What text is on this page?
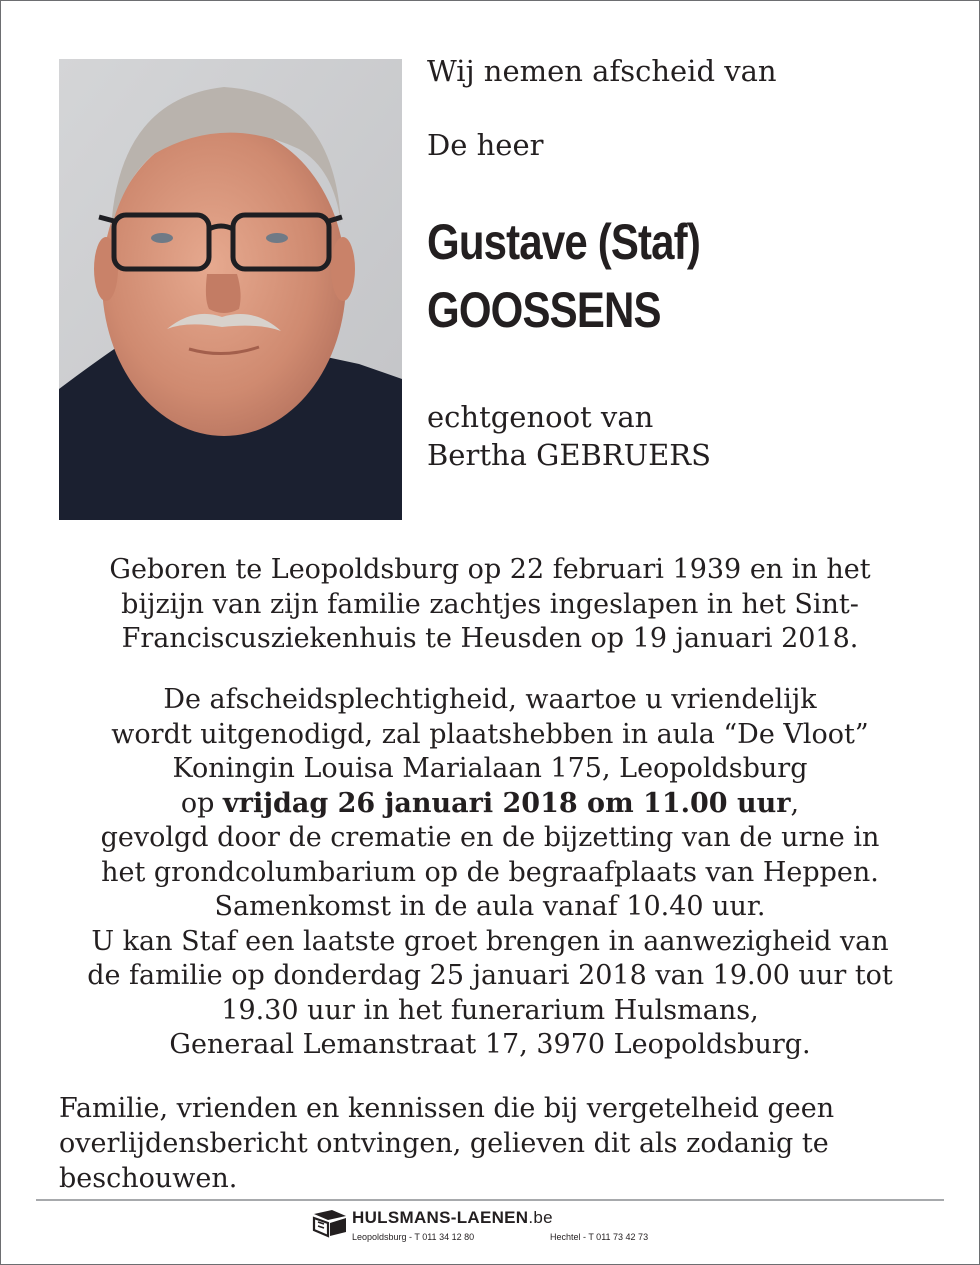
Wij nemen afscheid van
De heer
Gustave (Staf)
GOOSSENS
echtgenoot van
Bertha GEBRUERS
Geboren te Leopoldsburg op 22 februari 1939 en in het
bijzijn van zijn familie zachtjes ingeslapen in het Sint-
Franciscusziekenhuis te Heusden op 19 januari 2018.
De afscheidsplechtigheid, waartoe u vriendelijk
wordt uitgenodigd, zal plaatshebben in aula “De Vloot”
Koningin Louisa Marialaan 175, Leopoldsburg
op vrijdag 26 januari 2018 om 11.00 uur,
gevolgd door de crematie en de bijzetting van de urne in
het grondcolumbarium op de begraafplaats van Heppen.
Samenkomst in de aula vanaf 10.40 uur.
U kan Staf een laatste groet brengen in aanwezigheid van
de familie op donderdag 25 januari 2018 van 19.00 uur tot
19.30 uur in het funerarium Hulsmans,
Generaal Lemanstraat 17, 3970 Leopoldsburg.
Familie, vrienden en kennissen die bij vergetelheid geen
overlijdensbericht ontvingen, gelieven dit als zodanig te
beschouwen.
HULSMANS-LAENEN.be
Leopoldsburg - T 011 34 12 80	Hechtel - T 011 73 42 73
